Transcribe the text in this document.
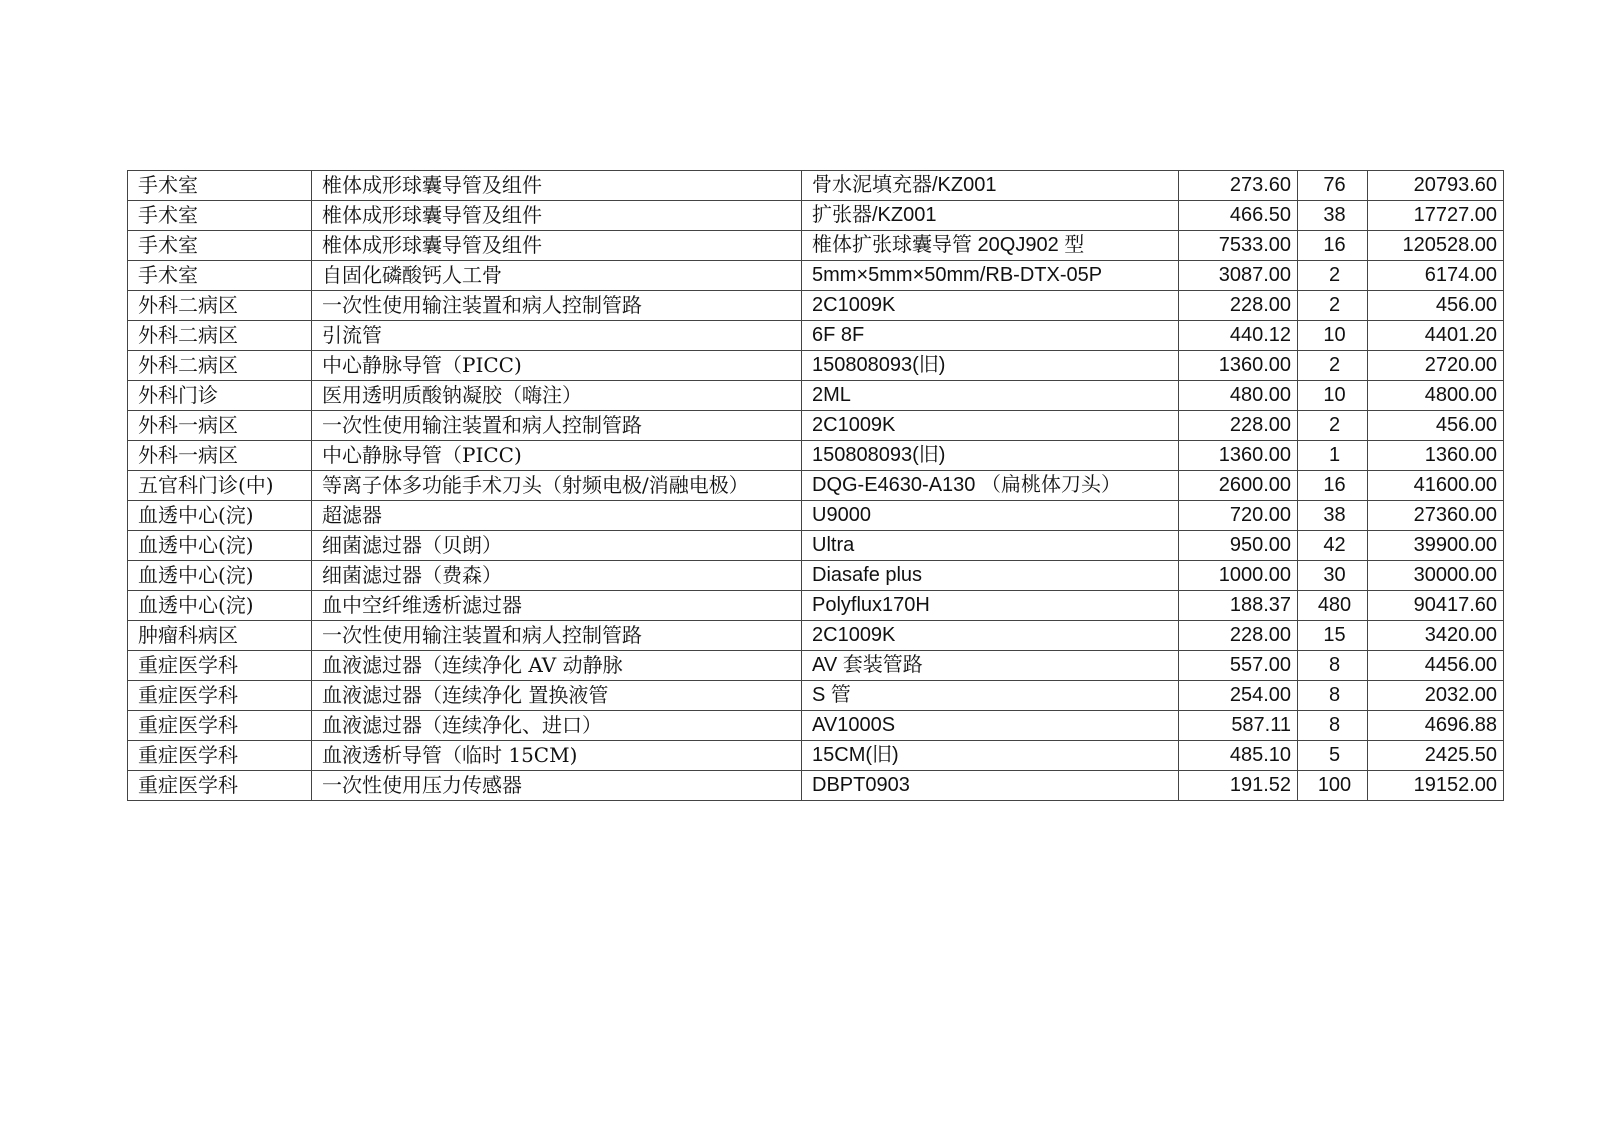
手术室	椎体成形球囊导管及组件	骨水泥填充器/KZ001	273.60	76	20793.60
手术室	椎体成形球囊导管及组件	扩张器/KZ001	466.50	38	17727.00
手术室	椎体成形球囊导管及组件	椎体扩张球囊导管 20QJ902 型	7533.00	16	120528.00
手术室	自固化磷酸钙人工骨	5mm×5mm×50mm/RB-DTX-05P	3087.00	2	6174.00
外科二病区	一次性使用输注装置和病人控制管路	2C1009K	228.00	2	456.00
外科二病区	引流管	6F 8F	440.12	10	4401.20
外科二病区	中心静脉导管（PICC)	150808093(旧)	1360.00	2	2720.00
外科门诊	医用透明质酸钠凝胶（嗨注）	2ML	480.00	10	4800.00
外科一病区	一次性使用输注装置和病人控制管路	2C1009K	228.00	2	456.00
外科一病区	中心静脉导管（PICC)	150808093(旧)	1360.00	1	1360.00
五官科门诊(中)	等离子体多功能手术刀头（射频电极/消融电极）	DQG-E4630-A130 （扁桃体刀头）	2600.00	16	41600.00
血透中心(浣)	超滤器	U9000	720.00	38	27360.00
血透中心(浣)	细菌滤过器（贝朗）	Ultra	950.00	42	39900.00
血透中心(浣)	细菌滤过器（费森）	Diasafe plus	1000.00	30	30000.00
血透中心(浣)	血中空纤维透析滤过器	Polyflux170H	188.37	480	90417.60
肿瘤科病区	一次性使用输注装置和病人控制管路	2C1009K	228.00	15	3420.00
重症医学科	血液滤过器（连续净化 AV 动静脉	AV 套装管路	557.00	8	4456.00
重症医学科	血液滤过器（连续净化 置换液管	S 管	254.00	8	2032.00
重症医学科	血液滤过器（连续净化、进口）	AV1000S	587.11	8	4696.88
重症医学科	血液透析导管（临时 15CM)	15CM(旧)	485.10	5	2425.50
重症医学科	一次性使用压力传感器	DBPT0903	191.52	100	19152.00
